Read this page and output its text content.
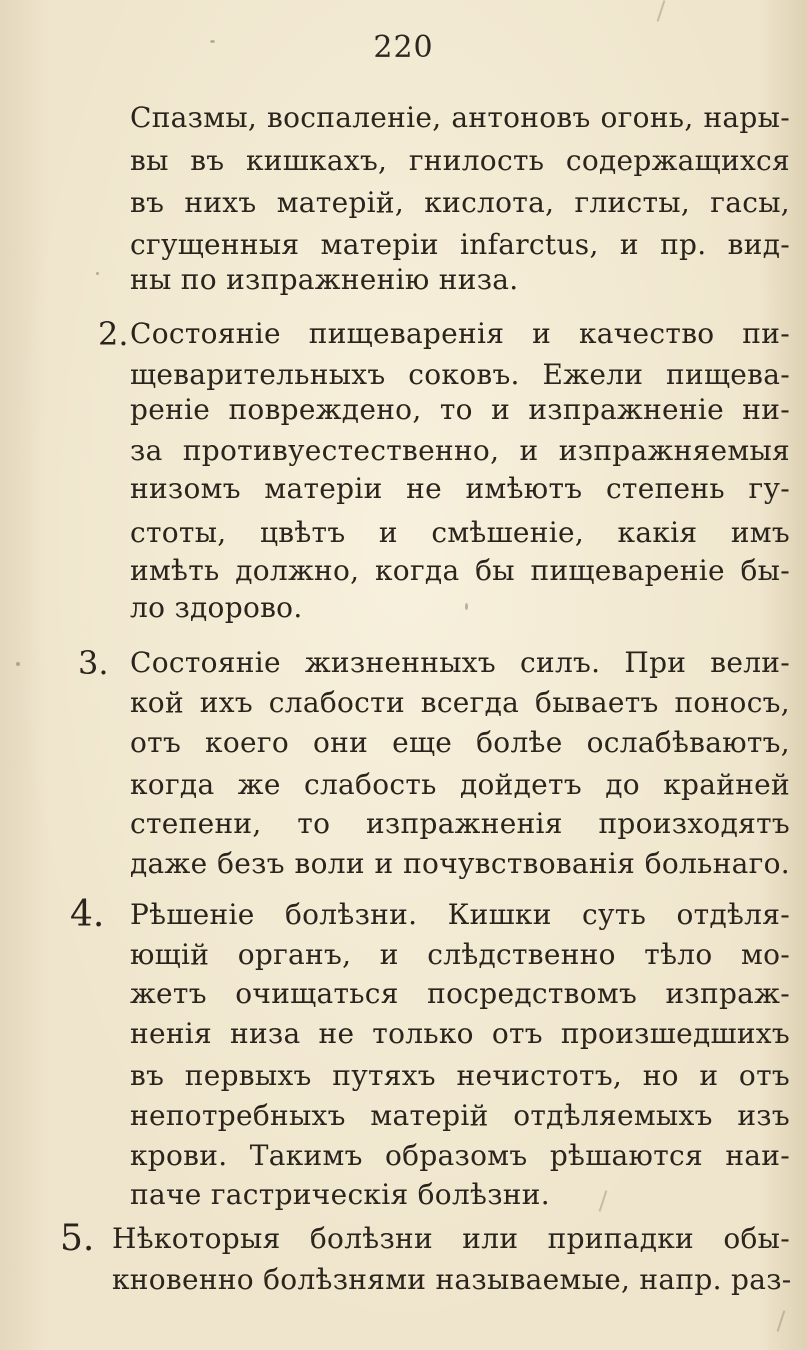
220
Спазмы, воспаленіе, антоновъ огонь, нары-
вы въ кишкахъ, гнилость содержащихся
въ нихъ матерій, кислота, глисты, гасы,
сгущенныя матеріи infarctus, и пр. вид-
ны по изпражненію низа.
2. Состояніе пищеваренія и качество пи-
щеварительныхъ соковъ. Ежели пищева-
реніе повреждено, то и изпражненіе ни-
за противуестественно, и изпражняемыя
низомъ матеріи не имѣютъ степень гу-
стоты, цвѣтъ и смѣшеніе, какія имъ
имѣть должно, когда бы пищевареніе бы-
ло здорово.
3. Состояніе жизненныхъ силъ. При вели-
кой ихъ слабости всегда бываетъ поносъ,
отъ коего они еще болѣе ослабѣваютъ,
когда же слабость дойдетъ до крайней
степени, то изпражненія произходятъ
даже безъ воли и почувствованія больнаго.
4. Рѣшеніе болѣзни. Кишки суть отдѣля-
ющій органъ, и слѣдственно тѣло мо-
жетъ очищаться посредствомъ изпраж-
ненія низа не только отъ произшедшихъ
въ первыхъ путяхъ нечистотъ, но и отъ
непотребныхъ матерій отдѣляемыхъ изъ
крови. Такимъ образомъ рѣшаются наи-
паче гастрическія болѣзни.
5. Нѣкоторыя болѣзни или припадки обы-
кновенно болѣзнями называемые, напр. раз-
